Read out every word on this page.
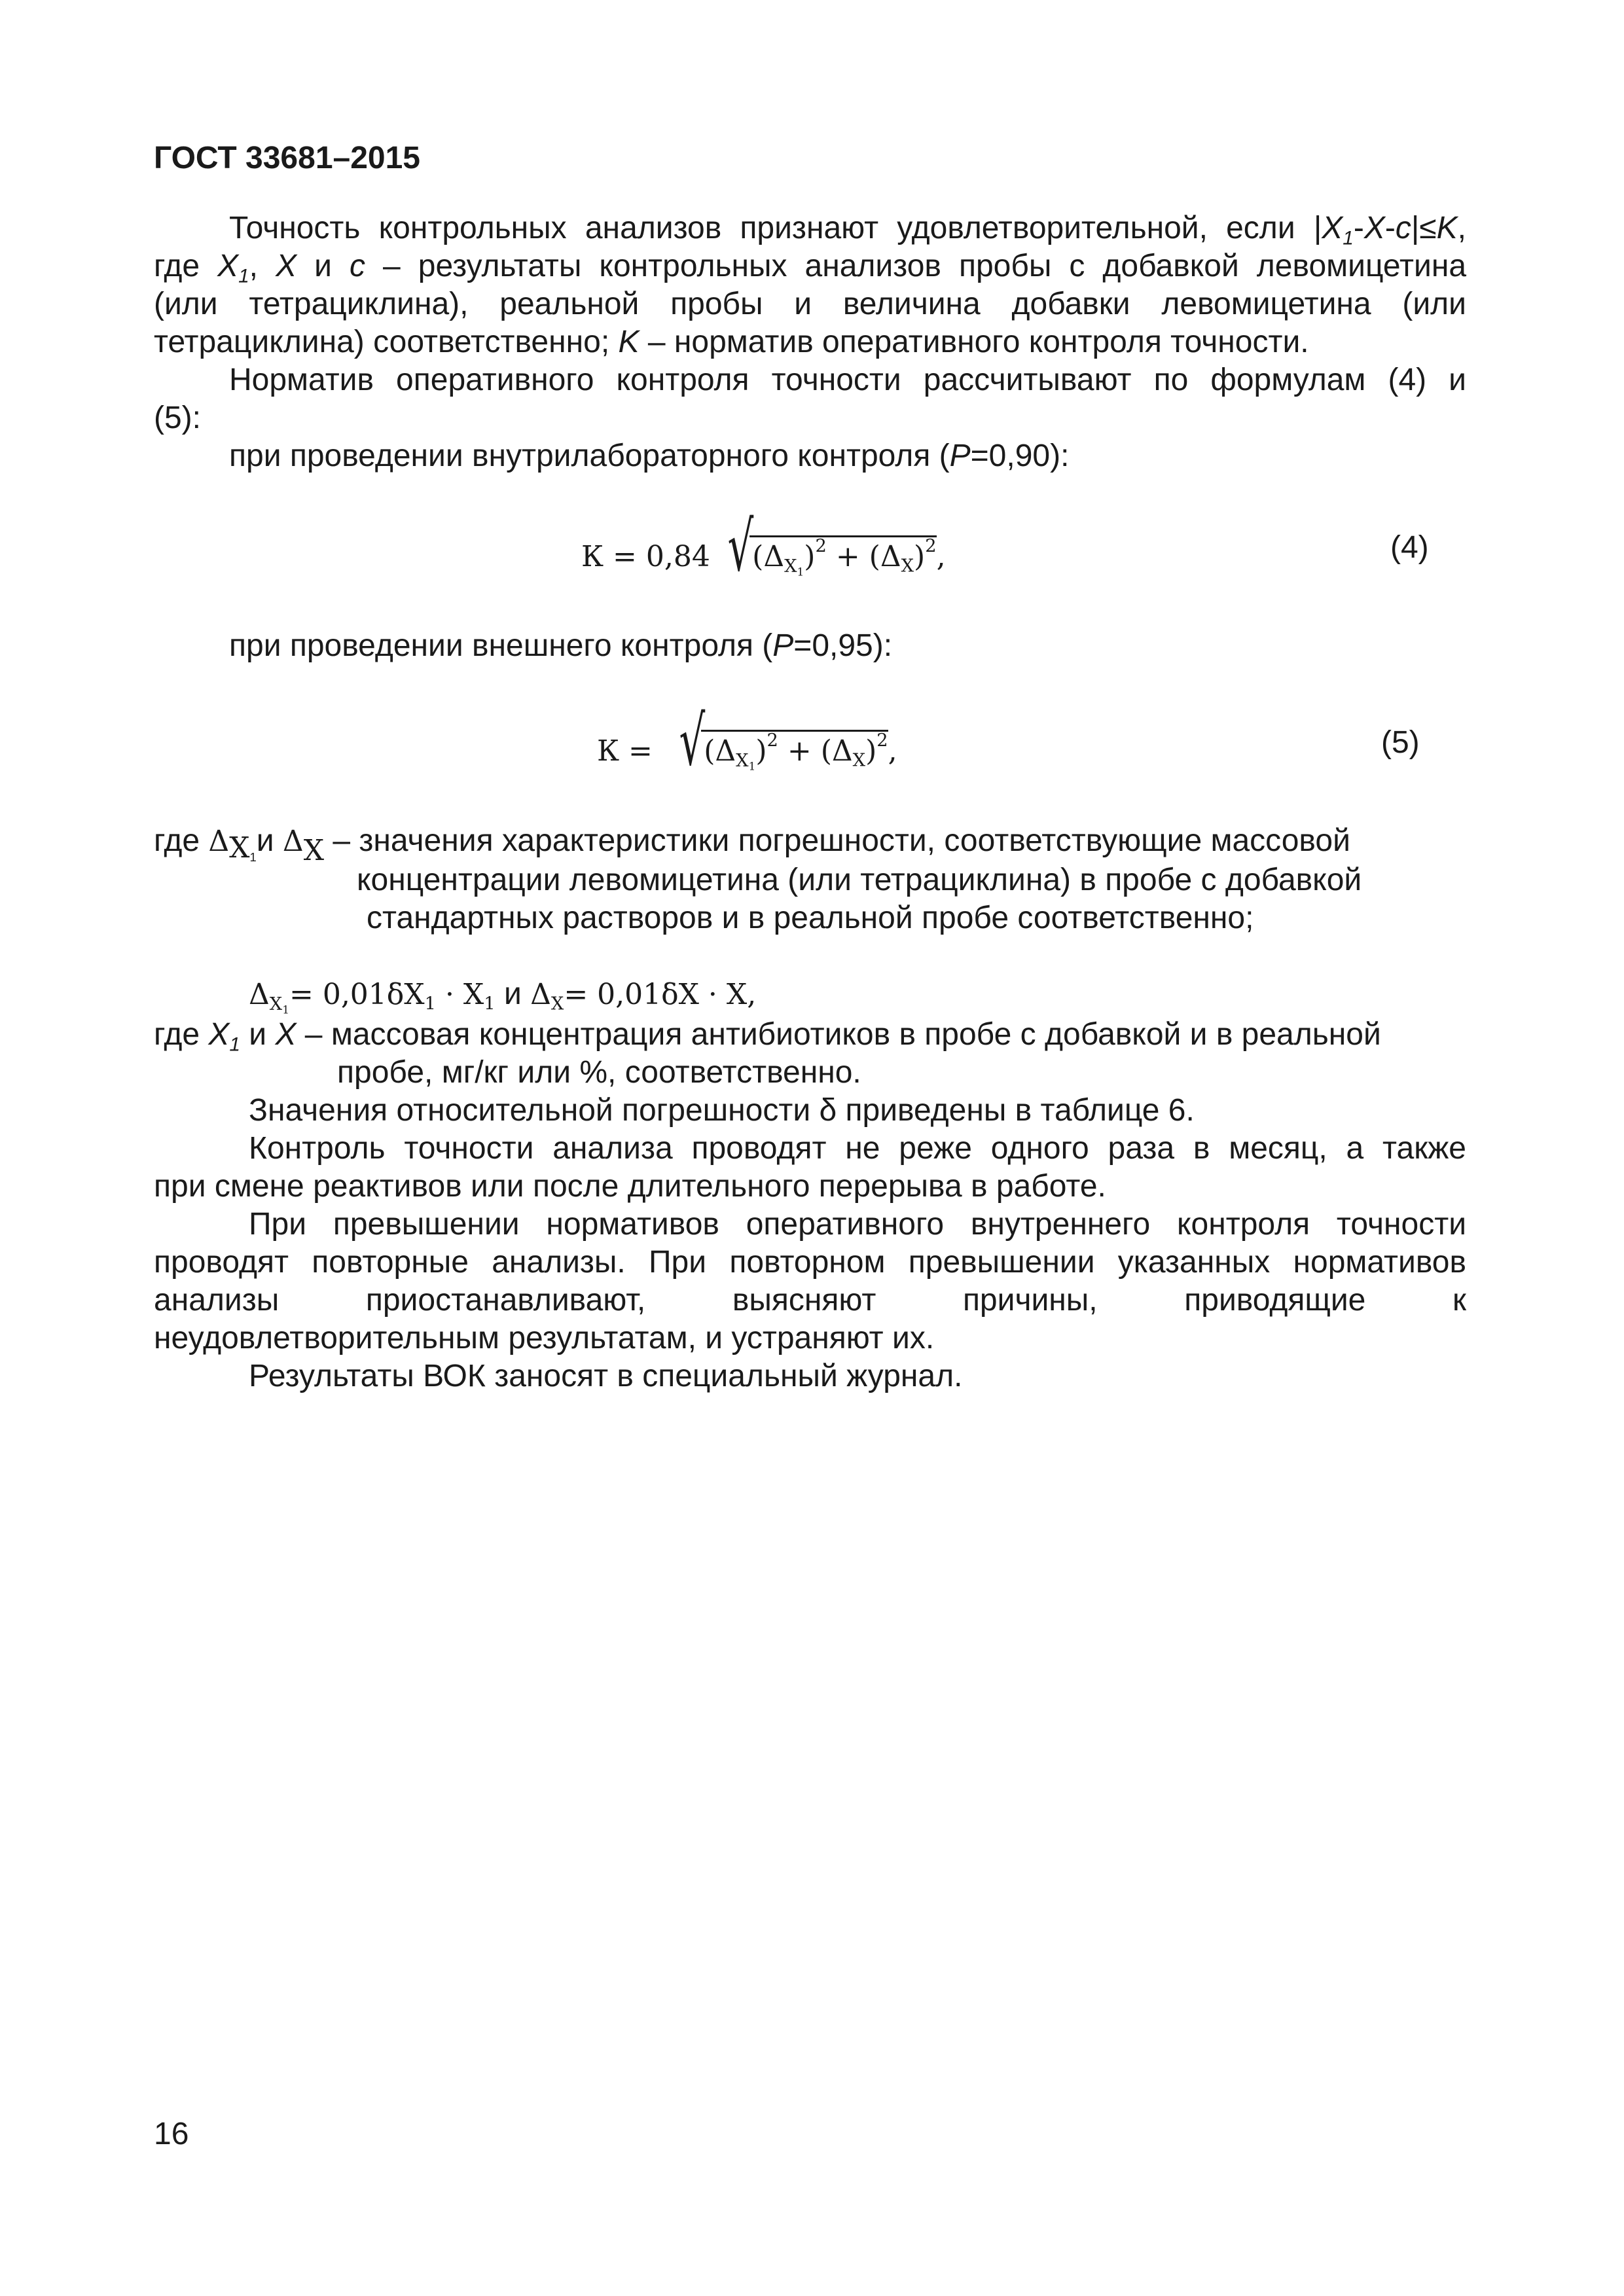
ГОСТ 33681–2015
Точность контрольных анализов признают удовлетворительной, если $|X_1-X-c|\le K$,
где $X_1$, X и c – результаты контрольных анализов пробы с добавкой левомицетина
(или тетрациклина), реальной пробы и величина добавки левомицетина (или
тетрациклина) соответственно; K – норматив оперативного контроля точности.
Норматив оперативного контроля точности рассчитывают по формулам (4) и
(5):
при проведении внутрилабораторного контроля (P=0,90):
К = 0,84 $√(\Delta_{X_1})^2 + (\Delta_X)^2$,	(4)
при проведении внешнего контроля (P=0,95):
$К = √(\Delta_{X_1})^2 + (\Delta_X)^2$,	(5)
где $\Delta_{X_1}и$ $\Delta_X$ – значения характеристики погрешности, соответствующие массовой
концентрации левомицетина (или тетрациклина) в пробе с добавкой
стандартных растворов и в реальной пробе соответственно;
$\Delta_{X_1}= 0,01\delta X_1 \cdot X_1$ и $\Delta_X= 0,01\delta X \cdot X$,
где $X_1$ и X – массовая концентрация антибиотиков в пробе с добавкой и в реальной
пробе, мг/кг или %, соответственно.
Значения относительной погрешности δ приведены в таблице 6.
Контроль точности анализа проводят не реже одного раза в месяц, а также
при смене реактивов или после длительного перерыва в работе.
При превышении нормативов оперативного внутреннего контроля точности
проводят повторные анализы. При повторном превышении указанных нормативов
анализы приостанавливают, выясняют причины, приводящие к
неудовлетворительным результатам, и устраняют их.
Результаты ВОК заносят в специальный журнал.
16
